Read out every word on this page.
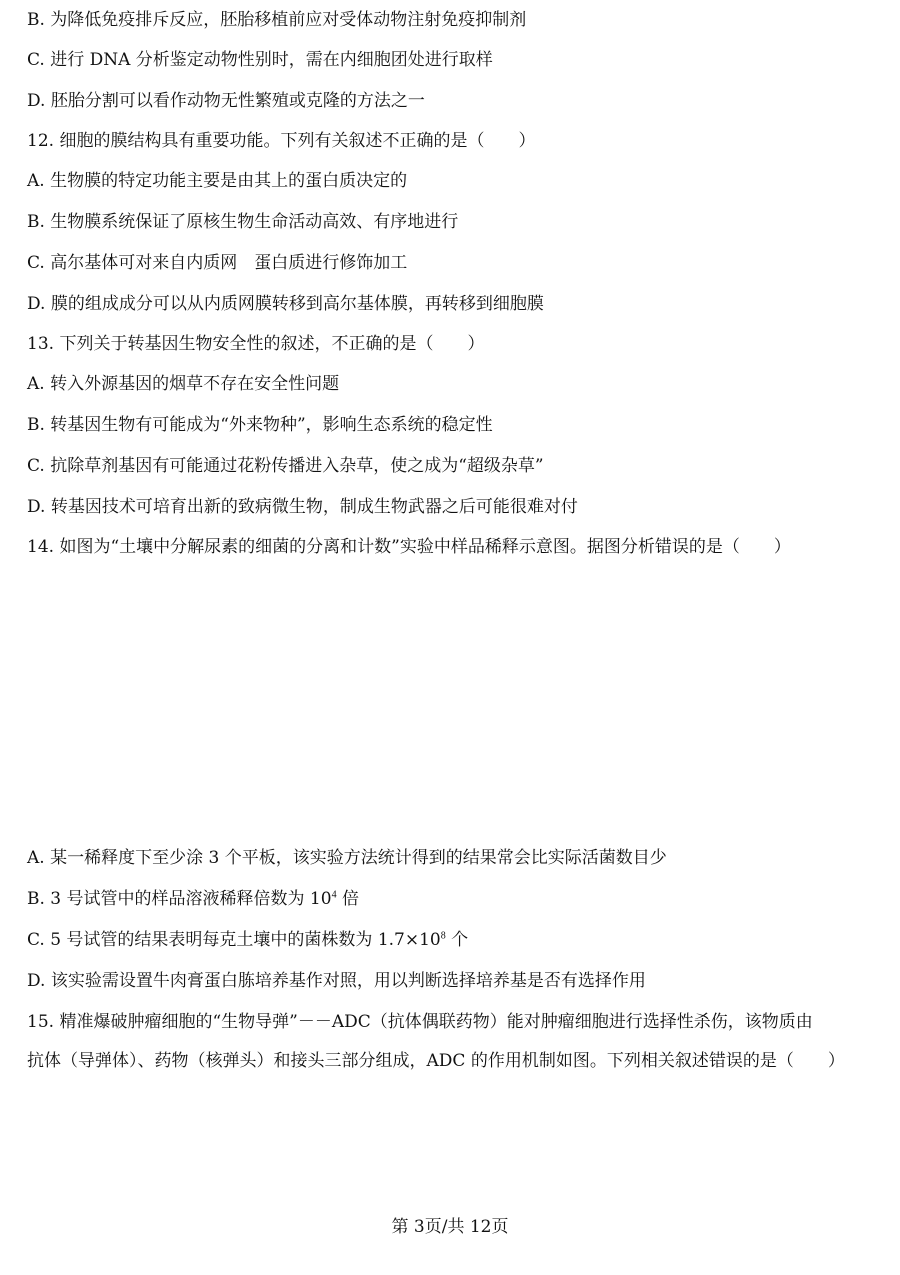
B. 为降低免疫排斥反应，胚胎移植前应对受体动物注射免疫抑制剂
C. 进行 DNA 分析鉴定动物性别时，需在内细胞团处进行取样
D. 胚胎分割可以看作动物无性繁殖或克隆的方法之一
12. 细胞的膜结构具有重要功能。下列有关叙述不正确的是（　　）
A. 生物膜的特定功能主要是由其上的蛋白质决定的
B. 生物膜系统保证了原核生物生命活动高效、有序地进行
C. 高尔基体可对来自内质网　蛋白质进行修饰加工
D. 膜的组成成分可以从内质网膜转移到高尔基体膜，再转移到细胞膜
13. 下列关于转基因生物安全性的叙述，不正确的是（　　）
A. 转入外源基因的烟草不存在安全性问题
B. 转基因生物有可能成为“外来物种”，影响生态系统的稳定性
C. 抗除草剂基因有可能通过花粉传播进入杂草，使之成为“超级杂草”
D. 转基因技术可培育出新的致病微生物，制成生物武器之后可能很难对付
14. 如图为“土壤中分解尿素的细菌的分离和计数”实验中样品稀释示意图。据图分析错误的是（　　）
A. 某一稀释度下至少涂 3 个平板，该实验方法统计得到的结果常会比实际活菌数目少
B. 3 号试管中的样品溶液稀释倍数为 $10^4$ 倍
C. 5 号试管的结果表明每克土壤中的菌株数为 $1.7\times 10^8$ 个
D. 该实验需设置牛肉膏蛋白胨培养基作对照，用以判断选择培养基是否有选择作用
15. 精准爆破肿瘤细胞的“生物导弹”－－ADC（抗体偶联药物）能对肿瘤细胞进行选择性杀伤，该物质由
抗体（导弹体）、药物（核弹头）和接头三部分组成，ADC 的作用机制如图。下列相关叙述错误的是（　　）
第 3页/共 12页
